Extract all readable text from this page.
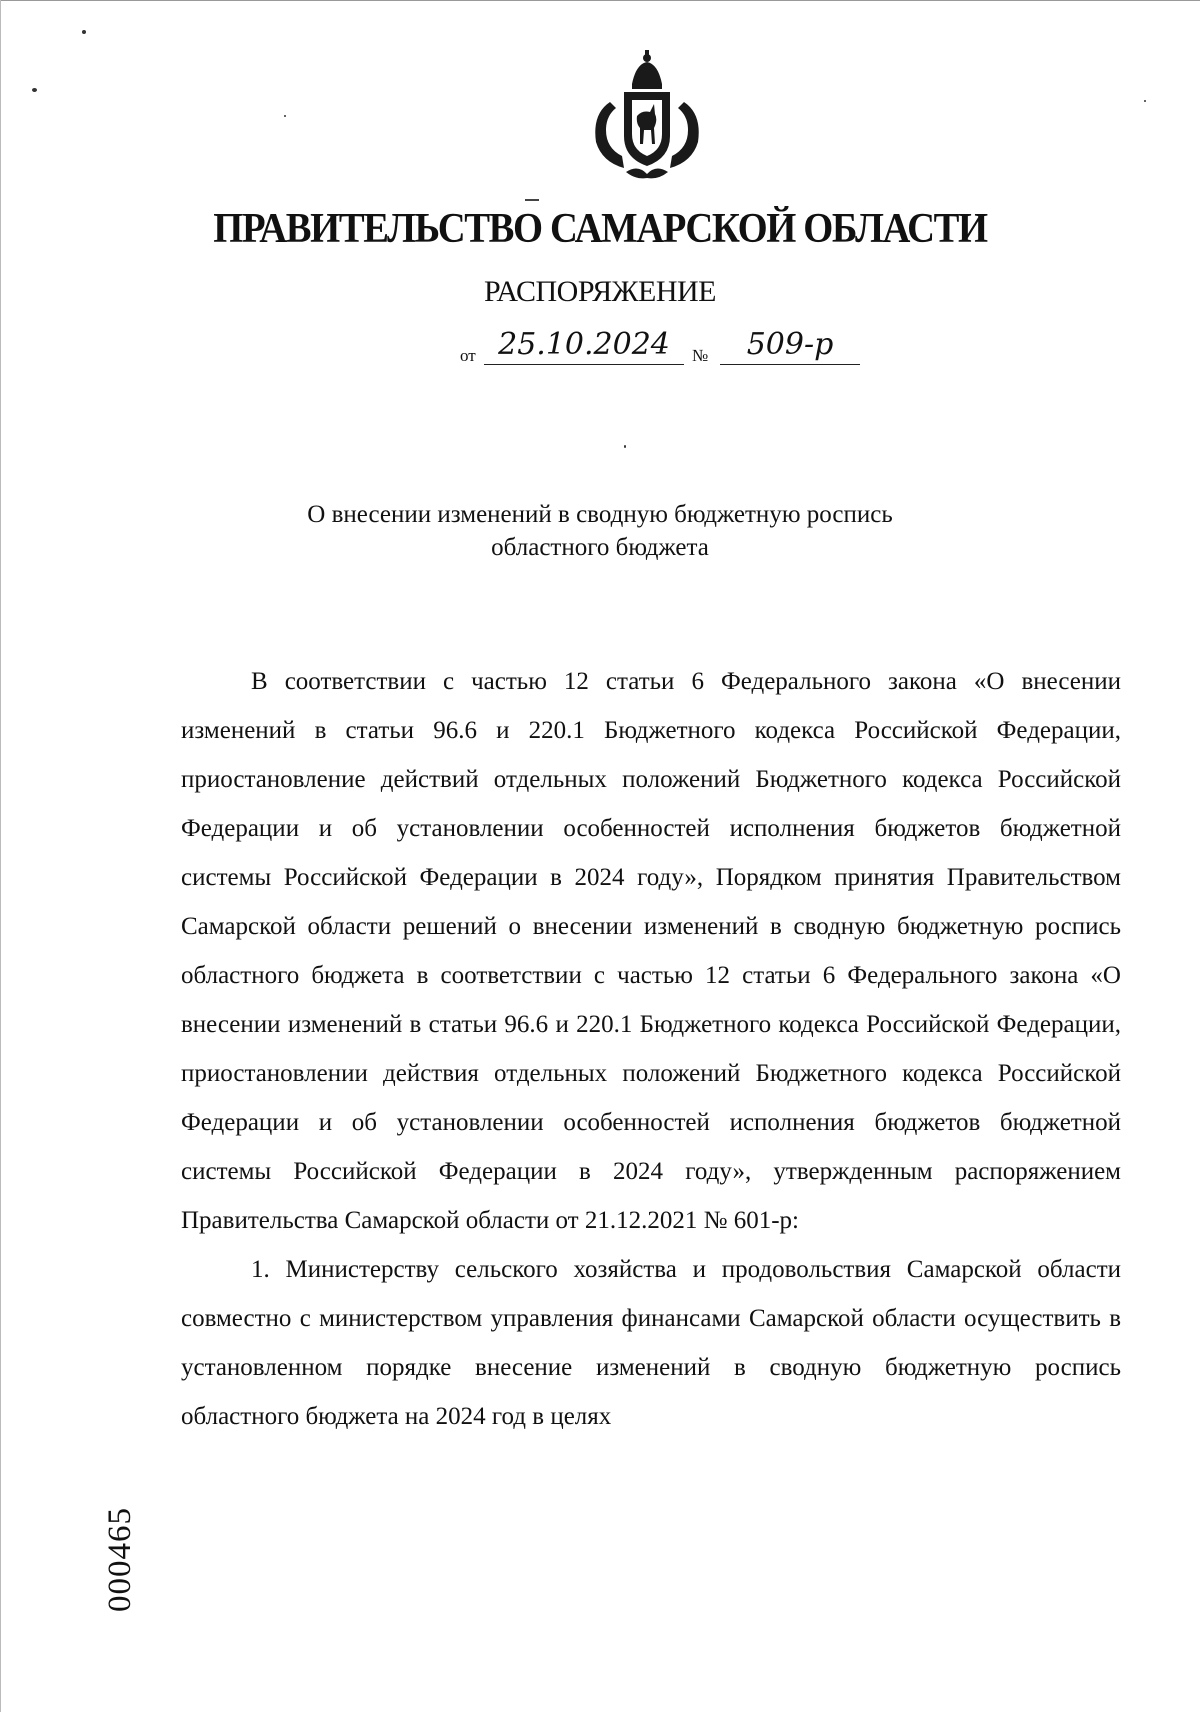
ПРАВИТЕЛЬСТВО САМАРСКОЙ ОБЛАСТИ
РАСПОРЯЖЕНИЕ
от 25.10.2024	№	509-р
О внесении изменений в сводную бюджетную роспись
областного бюджета

В соответствии с частью 12 статьи 6 Федерального закона «О внесении изменений в статьи 96.6 и 220.1 Бюджетного кодекса Российской Федерации, приостановление действий отдельных положений Бюджетного кодекса Российской Федерации и об установлении особенностей исполнения бюджетов бюджетной системы Российской Федерации в 2024 году», Порядком принятия Правительством Самарской области решений о внесении изменений в сводную бюджетную роспись областного бюджета в соответствии с частью 12 статьи 6 Федерального закона «О внесении изменений в статьи 96.6 и 220.1 Бюджетного кодекса Российской Федерации, приостановлении действия отдельных положений Бюджетного кодекса Российской Федерации и об установлении особенностей исполнения бюджетов бюджетной системы Российской Федерации в 2024 году», утвержденным распоряжением Правительства Самарской области от 21.12.2021 № 601-р:

1. Министерству сельского хозяйства и продовольствия Самарской области совместно с министерством управления финансами Самарской области осуществить в установленном порядке внесение изменений в сводную бюджетную роспись областного бюджета на 2024 год в целях

000465
